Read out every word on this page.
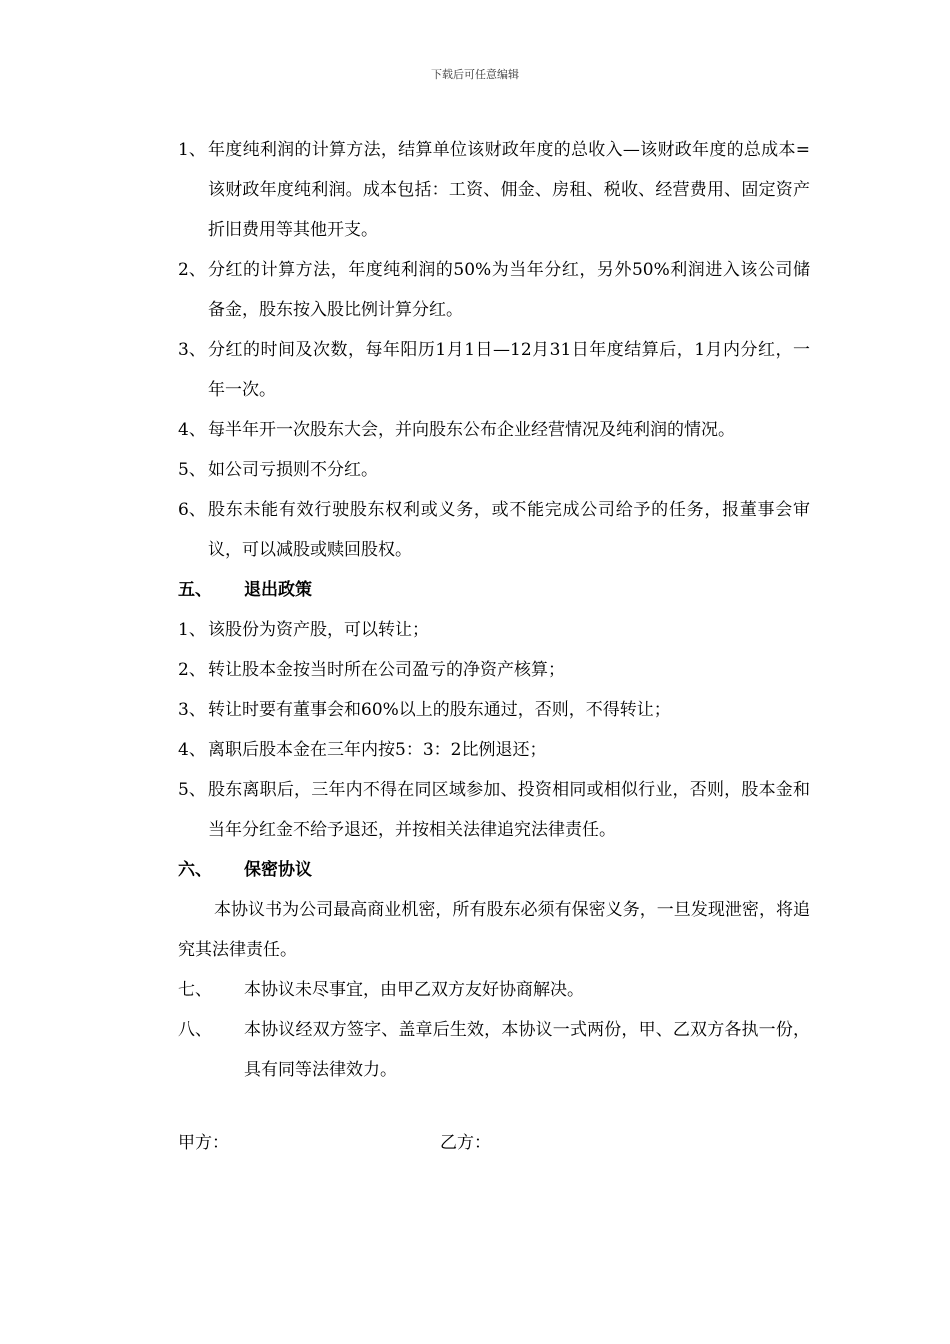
下载后可任意编辑
1、 年度纯利润的计算方法，结算单位该财政年度的总收入—该财政年度的总成本=该财政年度纯利润。成本包括：工资、佣金、房租、税收、经营费用、固定资产折旧费用等其他开支。
2、 分红的计算方法，年度纯利润的50%为当年分红，另外50%利润进入该公司储备金，股东按入股比例计算分红。
3、 分红的时间及次数，每年阳历1月1日—12月31日年度结算后，1月内分红，一年一次。
4、 每半年开一次股东大会，并向股东公布企业经营情况及纯利润的情况。
5、 如公司亏损则不分红。
6、 股东未能有效行驶股东权利或义务，或不能完成公司给予的任务，报董事会审议，可以减股或赎回股权。
五、 退出政策
1、 该股份为资产股，可以转让；
2、 转让股本金按当时所在公司盈亏的净资产核算；
3、 转让时要有董事会和60%以上的股东通过，否则，不得转让；
4、 离职后股本金在三年内按5：3：2比例退还；
5、 股东离职后，三年内不得在同区域参加、投资相同或相似行业，否则，股本金和当年分红金不给予退还，并按相关法律追究法律责任。
六、 保密协议
本协议书为公司最高商业机密，所有股东必须有保密义务，一旦发现泄密，将追究其法律责任。
七、 本协议未尽事宜，由甲乙双方友好协商解决。
八、	本协议经双方签字、盖章后生效，本协议一式两份，甲、乙双方各执一份，具有同等法律效力。
甲方：	乙方：
